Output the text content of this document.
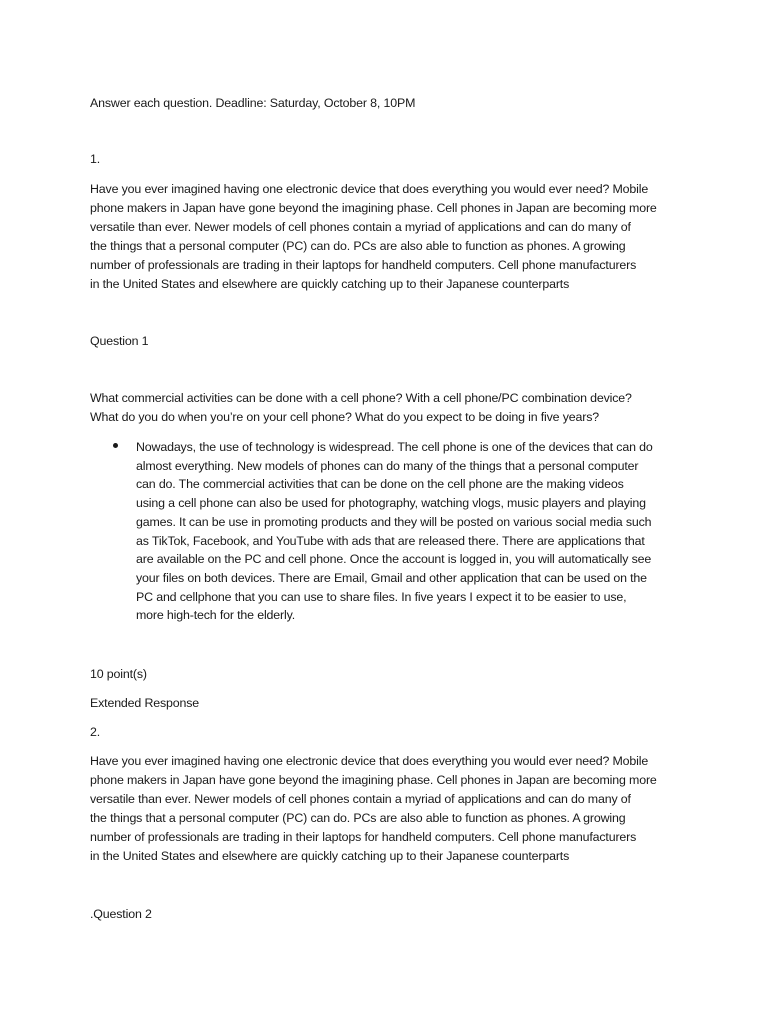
Answer each question. Deadline: Saturday, October 8, 10PM
1.
Have you ever imagined having one electronic device that does everything you would ever need? Mobile
phone makers in Japan have gone beyond the imagining phase. Cell phones in Japan are becoming more
versatile than ever. Newer models of cell phones contain a myriad of applications and can do many of
the things that a personal computer (PC) can do. PCs are also able to function as phones. A growing
number of professionals are trading in their laptops for handheld computers. Cell phone manufacturers
in the United States and elsewhere are quickly catching up to their Japanese counterparts
Question 1
What commercial activities can be done with a cell phone? With a cell phone/PC combination device?
What do you do when you’re on your cell phone? What do you expect to be doing in five years?
Nowadays, the use of technology is widespread. The cell phone is one of the devices that can do
almost everything. New models of phones can do many of the things that a personal computer
can do. The commercial activities that can be done on the cell phone are the making videos
using a cell phone can also be used for photography, watching vlogs, music players and playing
games. It can be use in promoting products and they will be posted on various social media such
as TikTok, Facebook, and YouTube with ads that are released there. There are applications that
are available on the PC and cell phone. Once the account is logged in, you will automatically see
your files on both devices. There are Email, Gmail and other application that can be used on the
PC and cellphone that you can use to share files. In five years I expect it to be easier to use,
more high-tech for the elderly.
10 point(s)
Extended Response
2.
Have you ever imagined having one electronic device that does everything you would ever need? Mobile
phone makers in Japan have gone beyond the imagining phase. Cell phones in Japan are becoming more
versatile than ever. Newer models of cell phones contain a myriad of applications and can do many of
the things that a personal computer (PC) can do. PCs are also able to function as phones. A growing
number of professionals are trading in their laptops for handheld computers. Cell phone manufacturers
in the United States and elsewhere are quickly catching up to their Japanese counterparts
.Question 2
